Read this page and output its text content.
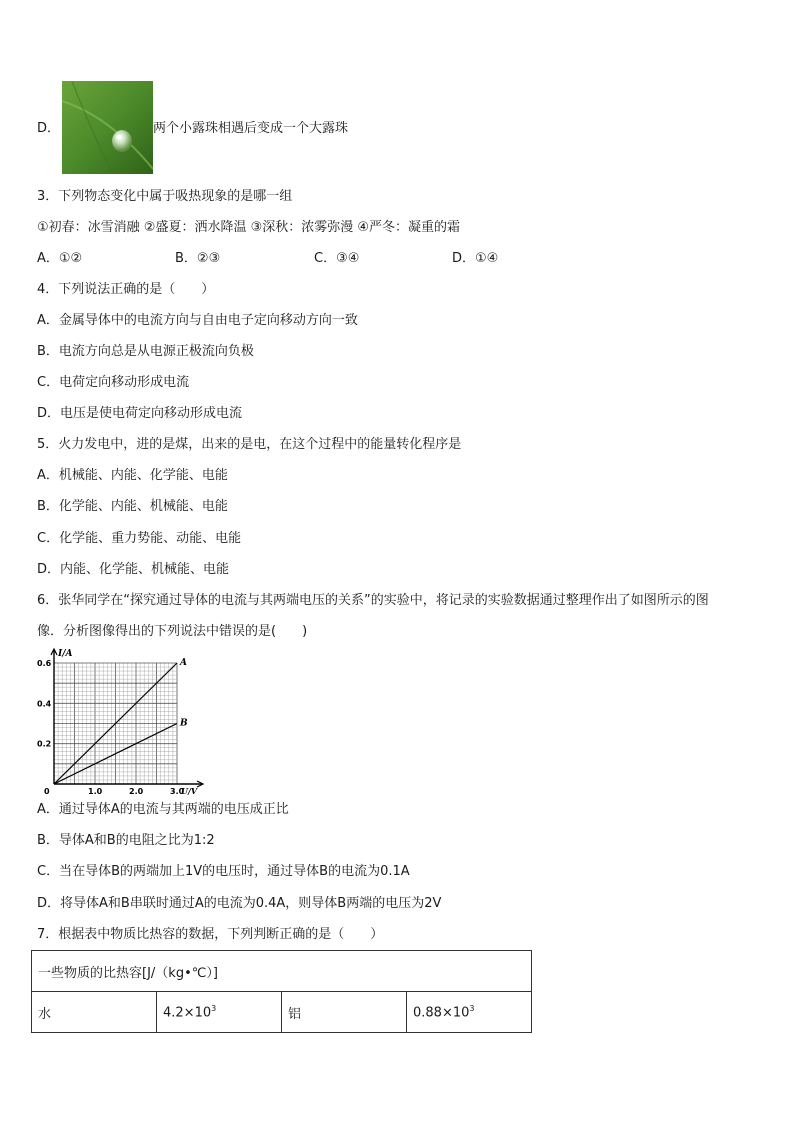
D．	两个小露珠相遇后变成一个大露珠
3．下列物态变化中属于吸热现象的是哪一组
①初春：冰雪消融 ②盛夏：洒水降温 ③深秋：浓雾弥漫 ④严冬：凝重的霜
A．①②	B．②③	C．③④	D．①④
4．下列说法正确的是（　　）
A．金属导体中的电流方向与自由电子定向移动方向一致
B．电流方向总是从电源正极流向负极
C．电荷定向移动形成电流
D．电压是使电荷定向移动形成电流
5．火力发电中，进的是煤，出来的是电，在这个过程中的能量转化程序是
A．机械能、内能、化学能、电能
B．化学能、内能、机械能、电能
C．化学能、重力势能、动能、电能
D．内能、化学能、机械能、电能
6．张华同学在“探究通过导体的电流与其两端电压的关系”的实验中，将记录的实验数据通过整理作出了如图所示的图
像．分析图像得出的下列说法中错误的是(　　)
A
B
I/A
0.2
0.4
0.6
0	1.0	2.0	3.0
U/V
A．通过导体A的电流与其两端的电压成正比
B．导体A和B的电阻之比为1:2
C．当在导体B的两端加上1V的电压时，通过导体B的电流为0.1A
D．将导体A和B串联时通过A的电流为0.4A，则导体B两端的电压为2V
7．根据表中物质比热容的数据，下列判断正确的是（　　）
一些物质的比热容[J/（kg•℃）]
水	$4.2\times 10^3$	铝	$0.88\times 10^3$
